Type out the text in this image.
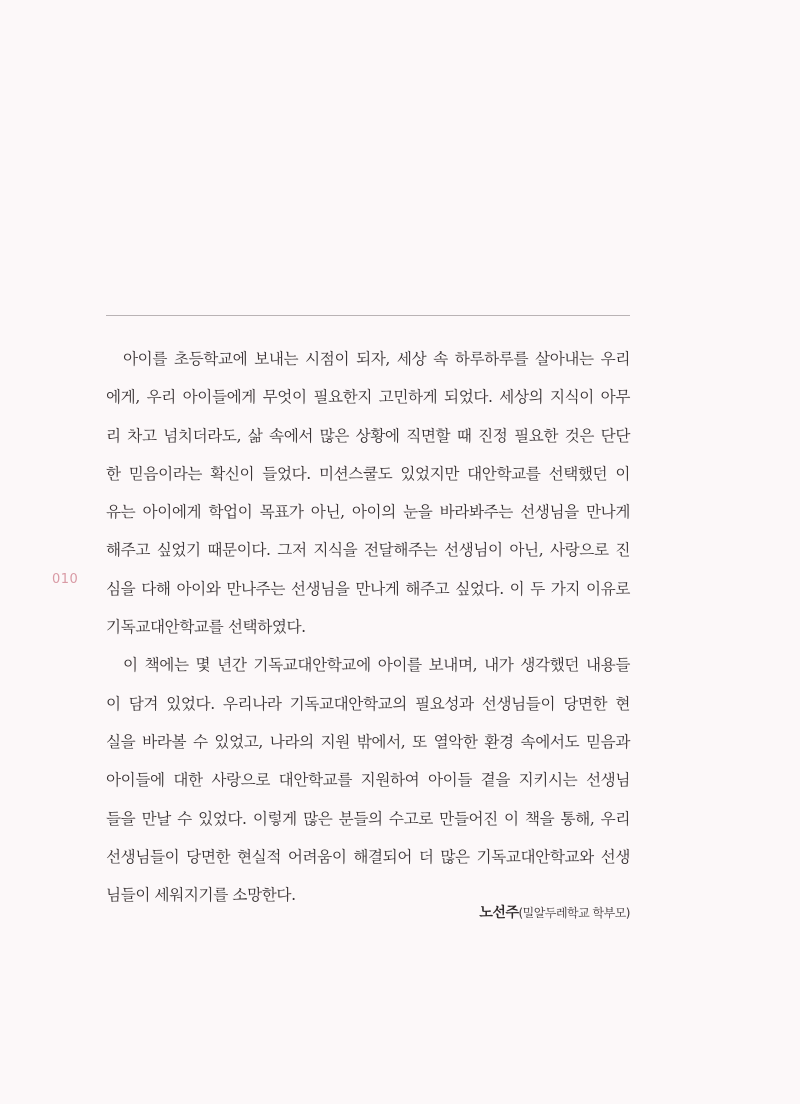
아이를 초등학교에 보내는 시점이 되자, 세상 속 하루하루를 살아내는 우리
에게, 우리 아이들에게 무엇이 필요한지 고민하게 되었다. 세상의 지식이 아무
리 차고 넘치더라도, 삶 속에서 많은 상황에 직면할 때 진정 필요한 것은 단단
한 믿음이라는 확신이 들었다. 미션스쿨도 있었지만 대안학교를 선택했던 이
유는 아이에게 학업이 목표가 아닌, 아이의 눈을 바라봐주는 선생님을 만나게
해주고 싶었기 때문이다. 그저 지식을 전달해주는 선생님이 아닌, 사랑으로 진
심을 다해 아이와 만나주는 선생님을 만나게 해주고 싶었다. 이 두 가지 이유로
기독교대안학교를 선택하였다.
이 책에는 몇 년간 기독교대안학교에 아이를 보내며, 내가 생각했던 내용들
이 담겨 있었다. 우리나라 기독교대안학교의 필요성과 선생님들이 당면한 현
실을 바라볼 수 있었고, 나라의 지원 밖에서, 또 열악한 환경 속에서도 믿음과
아이들에 대한 사랑으로 대안학교를 지원하여 아이들 곁을 지키시는 선생님
들을 만날 수 있었다. 이렇게 많은 분들의 수고로 만들어진 이 책을 통해, 우리
선생님들이 당면한 현실적 어려움이 해결되어 더 많은 기독교대안학교와 선생
님들이 세워지기를 소망한다.
010
노선주(밀알두레학교 학부모)
